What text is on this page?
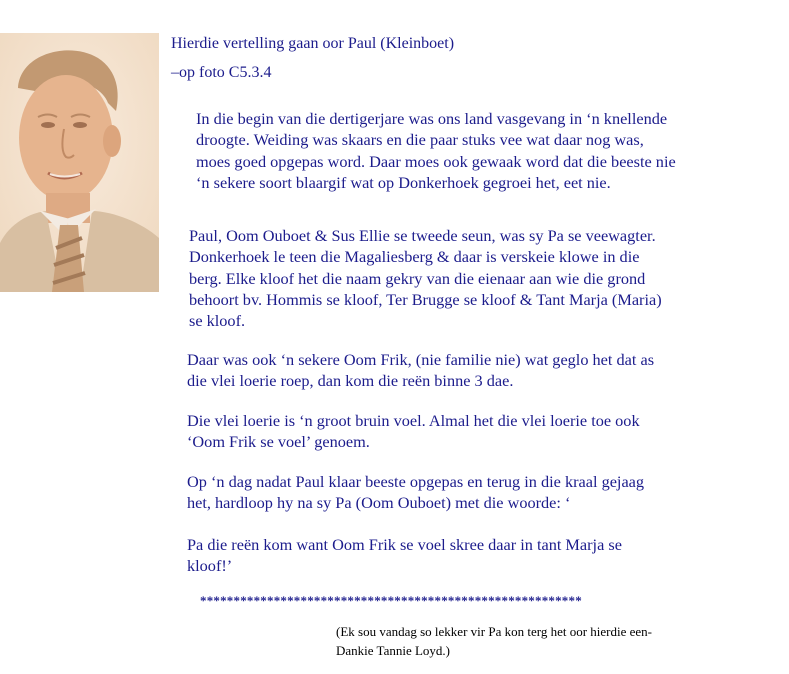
Hierdie vertelling gaan oor Paul (Kleinboet)

–op foto C5.3.4

In die begin van die dertigerjare was ons land vasgevang in ‘n knellende

droogte. Weiding was skaars en die paar stuks vee wat daar nog was,

moes goed opgepas word. Daar moes ook gewaak word dat die beeste nie

‘n sekere soort blaargif wat op Donkerhoek gegroei het, eet nie.

Paul, Oom Ouboet & Sus Ellie se tweede seun, was sy Pa se veewagter.

Donkerhoek le teen die Magaliesberg & daar is verskeie klowe in die

berg. Elke kloof het die naam gekry van die eienaar aan wie die grond

behoort bv. Hommis se kloof, Ter Brugge se kloof & Tant Marja (Maria)

se kloof.

Daar was ook ‘n sekere Oom Frik, (nie familie nie) wat geglo het dat as

die vlei loerie roep, dan kom die reën binne 3 dae.

Die vlei loerie is ‘n groot bruin voel. Almal het die vlei loerie toe ook

‘Oom Frik se voel’ genoem.

Op ‘n dag nadat Paul klaar beeste opgepas en terug in die kraal gejaag

het, hardloop hy na sy Pa (Oom Ouboet) met die woorde: ‘

Pa die reën kom want Oom Frik se voel skree daar in tant Marja se

kloof!’

*********************************************************

(Ek sou vandag so lekker vir Pa kon terg het oor hierdie een-

Dankie Tannie Loyd.)
